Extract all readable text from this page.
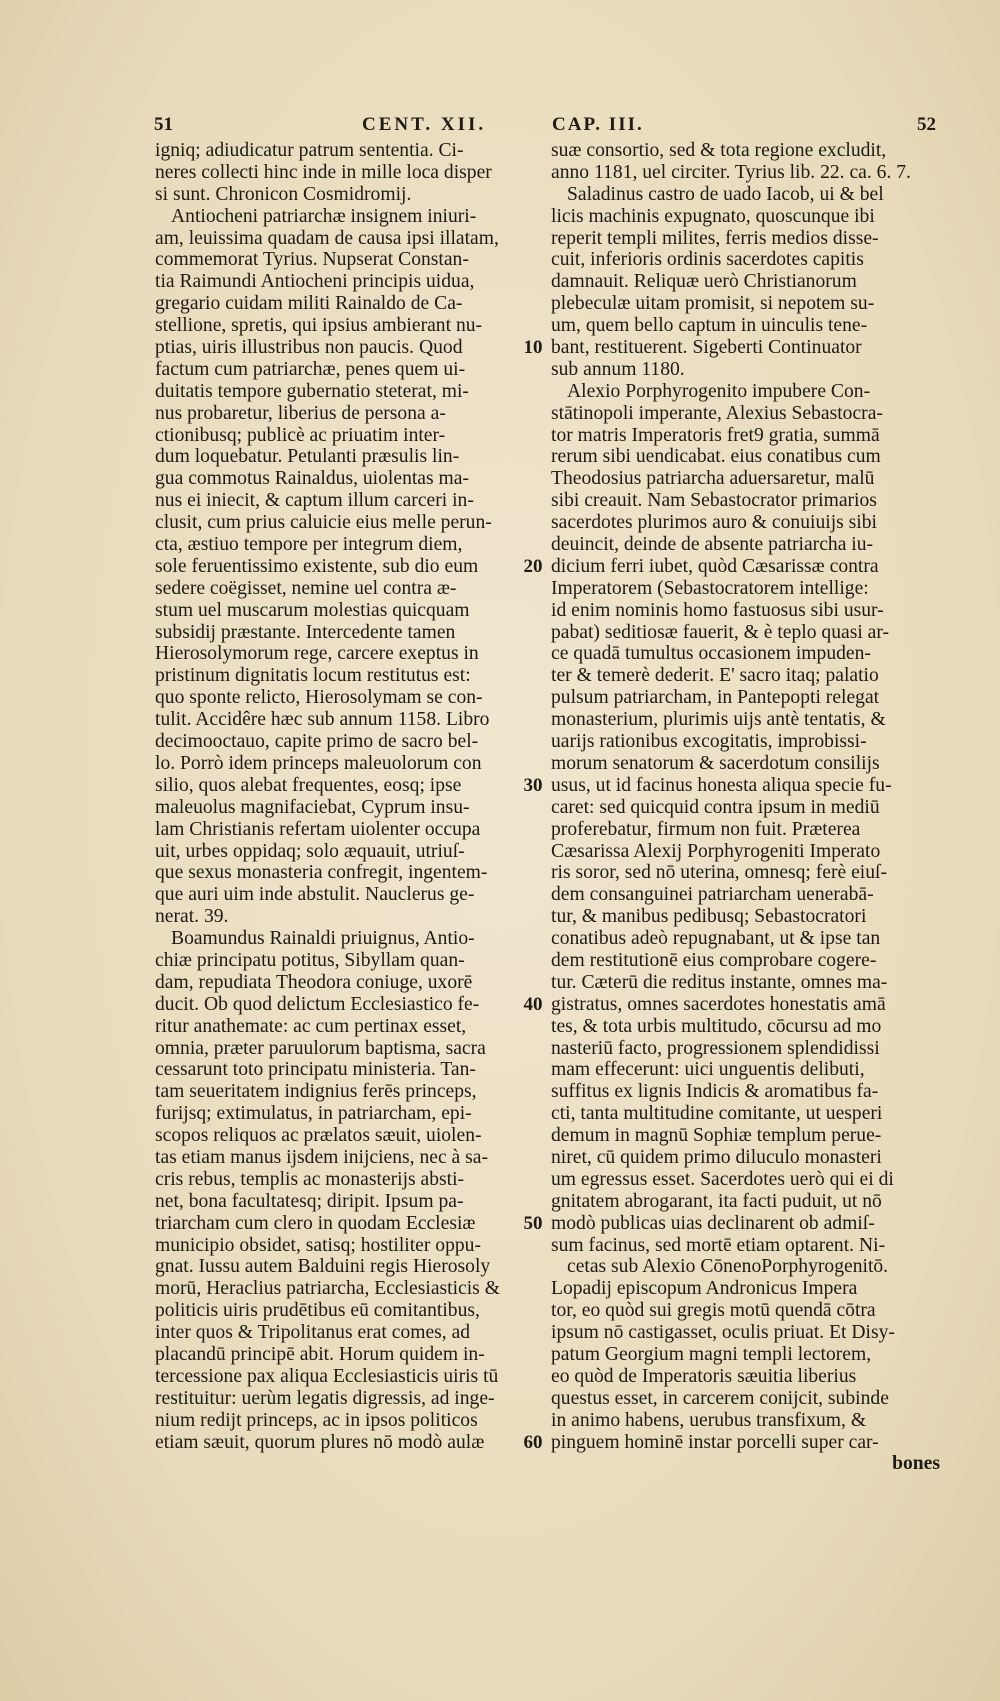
51	CENT. XII.	CAP. III.	52
igniq; adiudicatur patrum sententia. Ci-
neres collecti hinc inde in mille loca disper
si sunt. Chronicon Cosmidromij.
Antiocheni patriarchæ insignem iniuri-
am, leuissima quadam de causa ipsi illatam,
commemorat Tyrius. Nupserat Constan-
tia Raimundi Antiocheni principis uidua,
gregario cuidam militi Rainaldo de Ca-
stellione, spretis, qui ipsius ambierant nu-
ptias, uiris illustribus non paucis. Quod
factum cum patriarchæ, penes quem ui-
duitatis tempore gubernatio steterat, mi-
nus probaretur, liberius de persona a-
ctionibusq; publicè ac priuatim inter-
dum loquebatur. Petulanti præsulis lin-
gua commotus Rainaldus, uiolentas ma-
nus ei iniecit, & captum illum carceri in-
clusit, cum prius caluicie eius melle perun-
cta, æstiuo tempore per integrum diem,
sole feruentissimo existente, sub dio eum
sedere coëgisset, nemine uel contra æ-
stum uel muscarum molestias quicquam
subsidij præstante. Intercedente tamen
Hierosolymorum rege, carcere exeptus in
pristinum dignitatis locum restitutus est:
quo sponte relicto, Hierosolymam se con-
tulit. Accidêre hæc sub annum 1158. Libro
decimooctauo, capite primo de sacro bel-
lo. Porrò idem princeps maleuolorum con
silio, quos alebat frequentes, eosq; ipse
maleuolus magnifaciebat, Cyprum insu-
lam Christianis refertam uiolenter occupa
uit, urbes oppidaq; solo æquauit, utriuſ-
que sexus monasteria confregit, ingentem-
que auri uim inde abstulit. Nauclerus ge-
nerat. 39.
Boamundus Rainaldi priuignus, Antio-
chiæ principatu potitus, Sibyllam quan-
dam, repudiata Theodora coniuge, uxorē
ducit. Ob quod delictum Ecclesiastico fe-
ritur anathemate: ac cum pertinax esset,
omnia, præter paruulorum baptisma, sacra
cessarunt toto principatu ministeria. Tan-
tam seueritatem indignius ferēs princeps,
furijsq; extimulatus, in patriarcham, epi-
scopos reliquos ac prælatos sæuit, uiolen-
tas etiam manus ijsdem inijciens, nec à sa-
cris rebus, templis ac monasterijs absti-
net, bona facultatesq; diripit. Ipsum pa-
triarcham cum clero in quodam Ecclesiæ
municipio obsidet, satisq; hostiliter oppu-
gnat. Iussu autem Balduini regis Hierosoly
morū, Heraclius patriarcha, Ecclesiasticis &
politicis uiris prudētibus eū comitantibus,
inter quos & Tripolitanus erat comes, ad
placandū principē abit. Horum quidem in-
tercessione pax aliqua Ecclesiasticis uiris tū
restituitur: uerùm legatis digressis, ad inge-
nium redijt princeps, ac in ipsos politicos
etiam sæuit, quorum plures nō modò aulæ
10
20
30
40
50
60
suæ consortio, sed & tota regione excludit,
anno 1181, uel circiter. Tyrius lib. 22. ca. 6. 7.
Saladinus castro de uado Iacob, ui & bel
licis machinis expugnato, quoscunque ibi
reperit templi milites, ferris medios disse-
cuit, inferioris ordinis sacerdotes capitis
damnauit. Reliquæ uerò Christianorum
plebeculæ uitam promisit, si nepotem su-
um, quem bello captum in uinculis tene-
bant, restituerent. Sigeberti Continuator
sub annum 1180.
Alexio Porphyrogenito impubere Con-
stātinopoli imperante, Alexius Sebastocra-
tor matris Imperatoris fret9 gratia, summā
rerum sibi uendicabat. eius conatibus cum
Theodosius patriarcha aduersaretur, malū
sibi creauit. Nam Sebastocrator primarios
sacerdotes plurimos auro & conuiuijs sibi
deuincit, deinde de absente patriarcha iu-
dicium ferri iubet, quòd Cæsarissæ contra
Imperatorem (Sebastocratorem intellige:
id enim nominis homo fastuosus sibi usur-
pabat) seditiosæ fauerit, & è teplo quasi ar-
ce quadā tumultus occasionem impuden-
ter & temerè dederit. E' sacro itaq; palatio
pulsum patriarcham, in Pantepopti relegat
monasterium, plurimis uijs antè tentatis, &
uarijs rationibus excogitatis, improbissi-
morum senatorum & sacerdotum consilijs
usus, ut id facinus honesta aliqua specie fu-
caret: sed quicquid contra ipsum in mediū
proferebatur, firmum non fuit. Præterea
Cæsarissa Alexij Porphyrogeniti Imperato
ris soror, sed nō uterina, omnesq; ferè eiuſ-
dem consanguinei patriarcham uenerabā-
tur, & manibus pedibusq; Sebastocratori
conatibus adeò repugnabant, ut & ipse tan
dem restitutionē eius comprobare cogere-
tur. Cæterū die reditus instante, omnes ma-
gistratus, omnes sacerdotes honestatis amā
tes, & tota urbis multitudo, cōcursu ad mo
nasteriū facto, progressionem splendidissi
mam effecerunt: uici unguentis delibuti,
suffitus ex lignis Indicis & aromatibus fa-
cti, tanta multitudine comitante, ut uesperi
demum in magnū Sophiæ templum perue-
niret, cū quidem primo diluculo monasteri
um egressus esset. Sacerdotes uerò qui ei di
gnitatem abrogarant, ita facti puduit, ut nō
modò publicas uias declinarent ob admiſ-
sum facinus, sed mortē etiam optarent. Ni-
cetas sub Alexio CōnenoPorphyrogenitō.
Lopadij episcopum Andronicus Impera
tor, eo quòd sui gregis motū quendā cōtra
ipsum nō castigasset, oculis priuat. Et Disy-
patum Georgium magni templi lectorem,
eo quòd de Imperatoris sæuitia liberius
questus esset, in carcerem conijcit, subinde
in animo habens, uerubus transfixum, &
pinguem hominē instar porcelli super car-
bones
